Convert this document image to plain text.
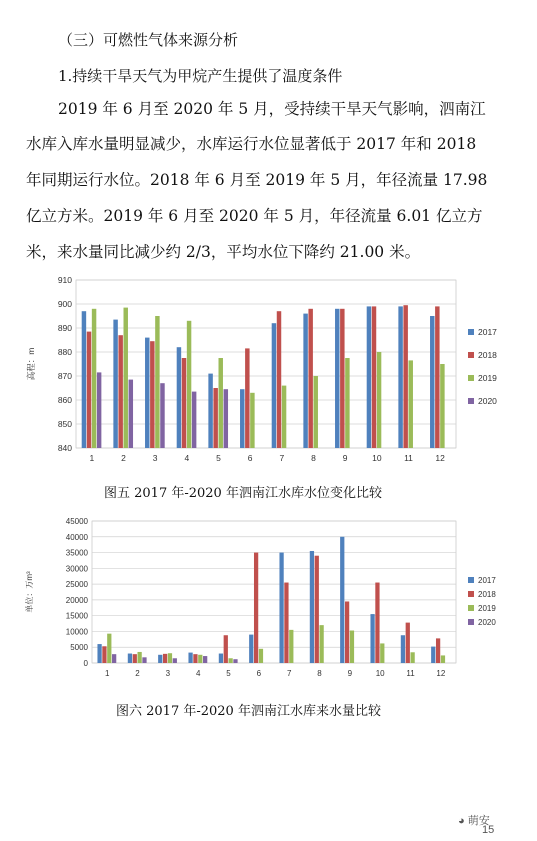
（三）可燃性气体来源分析
1.持续干旱天气为甲烷产生提供了温度条件
2019 年 6 月至 2020 年 5 月，受持续干旱天气影响，泗南江
水库入库水量明显减少，水库运行水位显著低于 2017 年和 2018
年同期运行水位。2018 年 6 月至 2019 年 5 月，年径流量 17.98
亿立方米。2019 年 6 月至 2020 年 5 月，年径流量 6.01 亿立方
米，来水量同比减少约 2/3，平均水位下降约 21.00 米。
840
850
860
870
880
890
900
910
高程：m
1	2	3	4	5	6	7	8	9	10	11	12
2017
2018
2019
2020
图五 2017 年-2020 年泗南江水库水位变化比较
0
5000
10000
15000
20000
25000
30000
35000
40000
45000
单位：万m³
1	2	3	4	5	6	7	8	9	10	11	12
2017
2018
2019
2020
图六 2017 年-2020 年泗南江水库来水量比较
◕ 萌安
15
